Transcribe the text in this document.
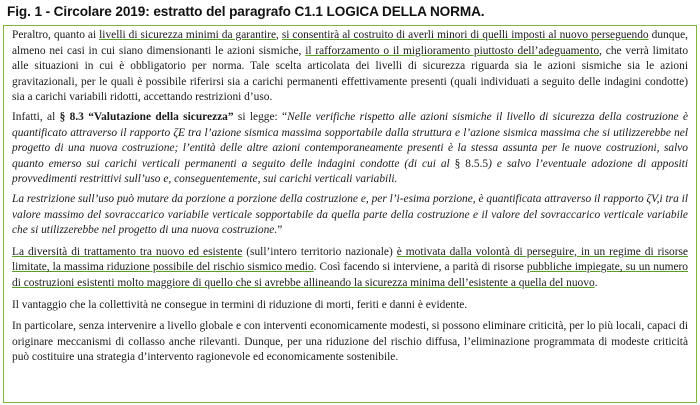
Fig. 1 - Circolare 2019: estratto del paragrafo C1.1 LOGICA DELLA NORMA.

Peraltro, quanto ai livelli di sicurezza minimi da garantire, si consentirà al costruito di averli minori di quelli imposti al nuovo perseguendo dunque, almeno nei casi in cui siano dimensionanti le azioni sismiche, il rafforzamento o il miglioramento piuttosto dell’adeguamento, che verrà limitato alle situazioni in cui è obbligatorio per norma. Tale scelta articolata dei livelli di sicurezza riguarda sia le azioni sismiche sia le azioni gravitazionali, per le quali è possibile riferirsi sia a carichi permanenti effettivamente presenti (quali individuati a seguito delle indagini condotte) sia a carichi variabili ridotti, accettando restrizioni d’uso.

Infatti, al § 8.3 “Valutazione della sicurezza” si legge: “Nelle verifiche rispetto alle azioni sismiche il livello di sicurezza della costruzione è quantificato attraverso il rapporto ζE tra l’azione sismica massima sopportabile dalla struttura e l’azione sismica massima che si utilizzerebbe nel progetto di una nuova costruzione; l’entità delle altre azioni contemporaneamente presenti è la stessa assunta per le nuove costruzioni, salvo quanto emerso sui carichi verticali permanenti a seguito delle indagini condotte (di cui al § 8.5.5) e salvo l’eventuale adozione di appositi provvedimenti restrittivi sull’uso e, conseguentemente, sui carichi verticali variabili.

La restrizione sull’uso può mutare da porzione a porzione della costruzione e, per l’i-esima porzione, è quantificata attraverso il rapporto ζV,i tra il valore massimo del sovraccarico variabile verticale sopportabile da quella parte della costruzione e il valore del sovraccarico verticale variabile che si utilizzerebbe nel progetto di una nuova costruzione.”

La diversità di trattamento tra nuovo ed esistente (sull’intero territorio nazionale) è motivata dalla volontà di perseguire, in un regime di risorse limitate, la massima riduzione possibile del rischio sismico medio. Così facendo si interviene, a parità di risorse pubbliche impiegate, su un numero di costruzioni esistenti molto maggiore di quello che si avrebbe allineando la sicurezza minima dell’esistente a quella del nuovo.

Il vantaggio che la collettività ne consegue in termini di riduzione di morti, feriti e danni è evidente.

In particolare, senza intervenire a livello globale e con interventi economicamente modesti, si possono eliminare criticità, per lo più locali, capaci di originare meccanismi di collasso anche rilevanti. Dunque, per una riduzione del rischio diffusa, l’eliminazione programmata di modeste criticità può costituire una strategia d’intervento ragionevole ed economicamente sostenibile.
